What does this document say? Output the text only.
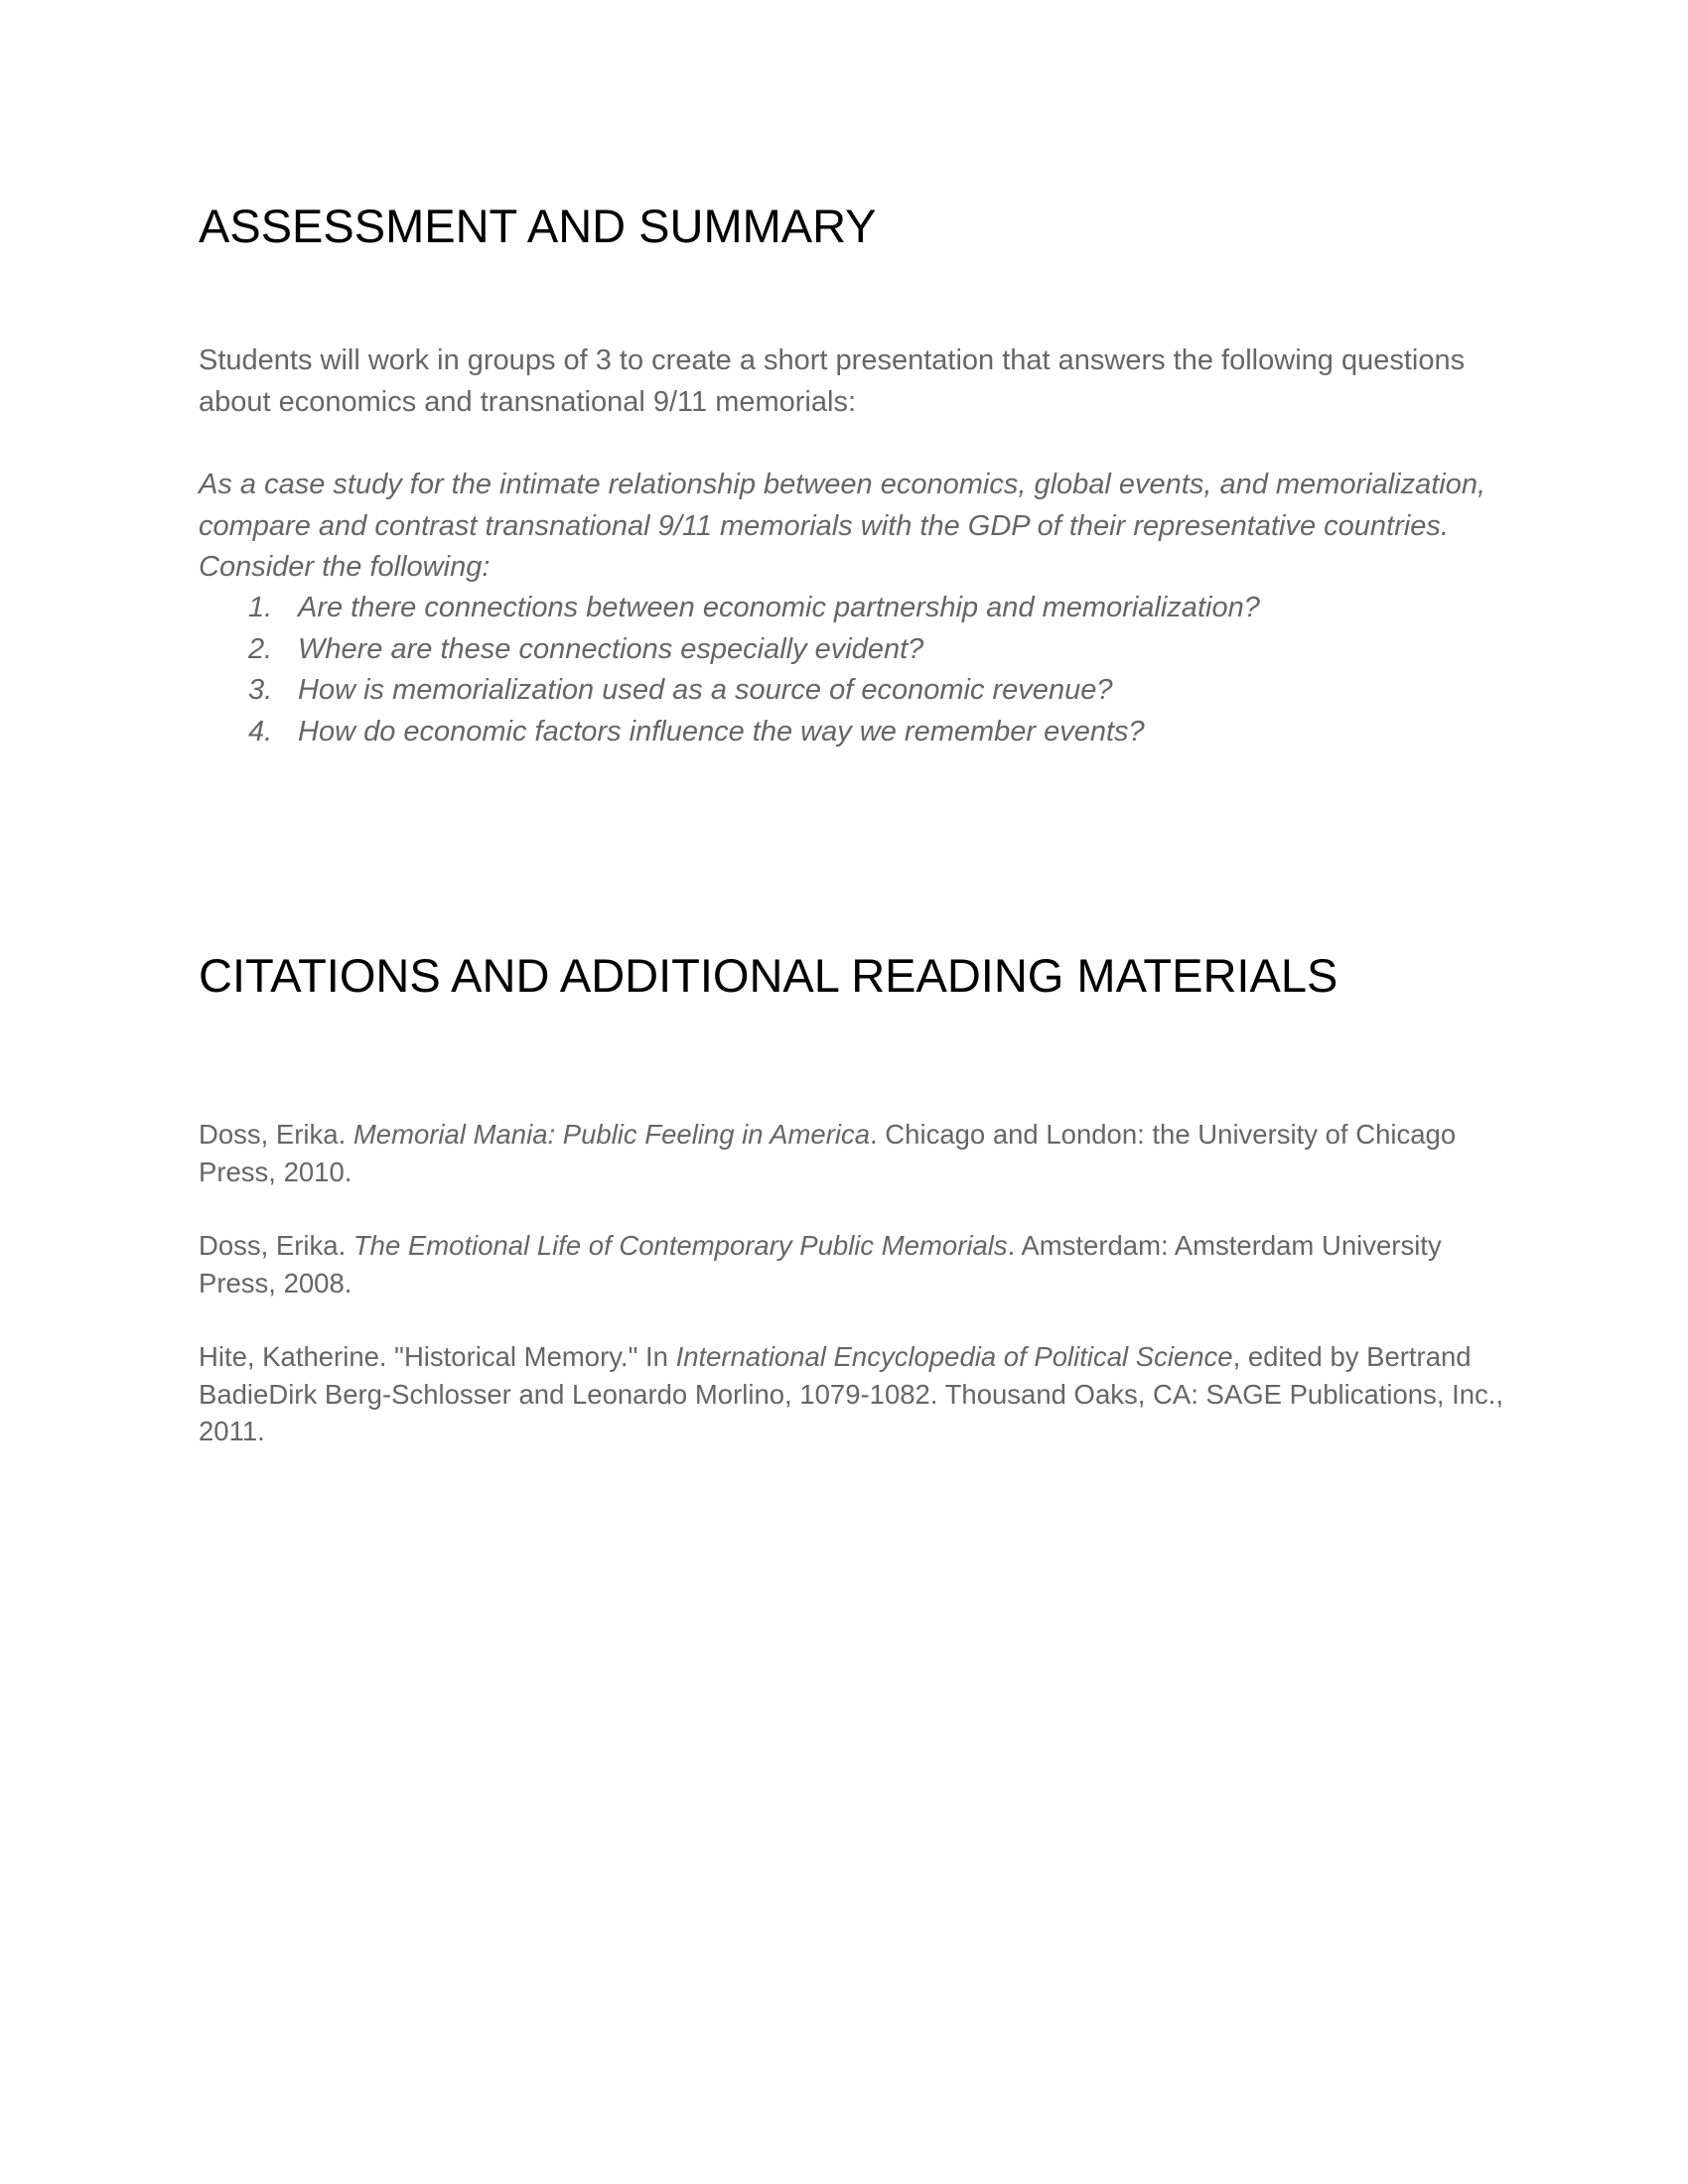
ASSESSMENT AND SUMMARY

Students will work in groups of 3 to create a short presentation that answers the following questions about economics and transnational 9/11 memorials:

As a case study for the intimate relationship between economics, global events, and memorialization, compare and contrast transnational 9/11 memorials with the GDP of their representative countries. Consider the following:

1. Are there connections between economic partnership and memorialization?
2. Where are these connections especially evident?
3. How is memorialization used as a source of economic revenue?
4. How do economic factors influence the way we remember events?
CITATIONS AND ADDITIONAL READING MATERIALS

Doss, Erika. Memorial Mania: Public Feeling in America. Chicago and London: the University of Chicago Press, 2010.

Doss, Erika. The Emotional Life of Contemporary Public Memorials. Amsterdam: Amsterdam University Press, 2008.

Hite, Katherine. "Historical Memory." In International Encyclopedia of Political Science, edited by Bertrand BadieDirk Berg-Schlosser and Leonardo Morlino, 1079-1082. Thousand Oaks, CA: SAGE Publications, Inc., 2011.
